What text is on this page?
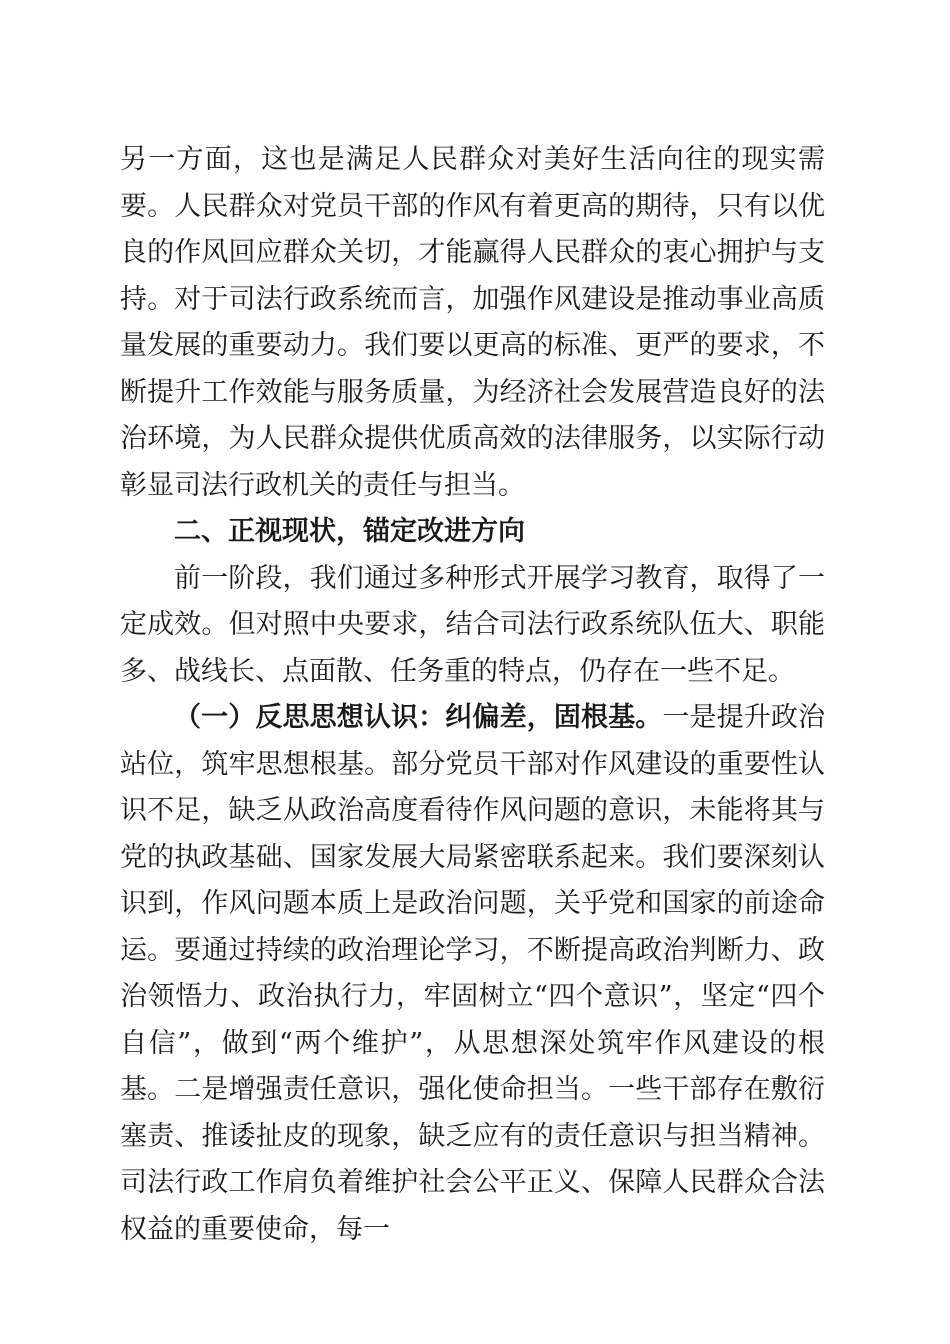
另一方面，这也是满足人民群众对美好生活向往的现实需要。人民群众对党员干部的作风有着更高的期待，只有以优良的作风回应群众关切，才能赢得人民群众的衷心拥护与支持。对于司法行政系统而言，加强作风建设是推动事业高质量发展的重要动力。我们要以更高的标准、更严的要求，不断提升工作效能与服务质量，为经济社会发展营造良好的法治环境，为人民群众提供优质高效的法律服务，以实际行动彰显司法行政机关的责任与担当。

二、正视现状，锚定改进方向

前一阶段，我们通过多种形式开展学习教育，取得了一定成效。但对照中央要求，结合司法行政系统队伍大、职能多、战线长、点面散、任务重的特点，仍存在一些不足。

（一）反思思想认识：纠偏差，固根基。一是提升政治站位，筑牢思想根基。部分党员干部对作风建设的重要性认识不足，缺乏从政治高度看待作风问题的意识，未能将其与党的执政基础、国家发展大局紧密联系起来。我们要深刻认识到，作风问题本质上是政治问题，关乎党和国家的前途命运。要通过持续的政治理论学习，不断提高政治判断力、政治领悟力、政治执行力，牢固树立“四个意识”，坚定“四个自信”，做到“两个维护”，从思想深处筑牢作风建设的根基。二是增强责任意识，强化使命担当。一些干部存在敷衍塞责、推诿扯皮的现象，缺乏应有的责任意识与担当精神。司法行政工作肩负着维护社会公平正义、保障人民群众合法权益的重要使命，每一
